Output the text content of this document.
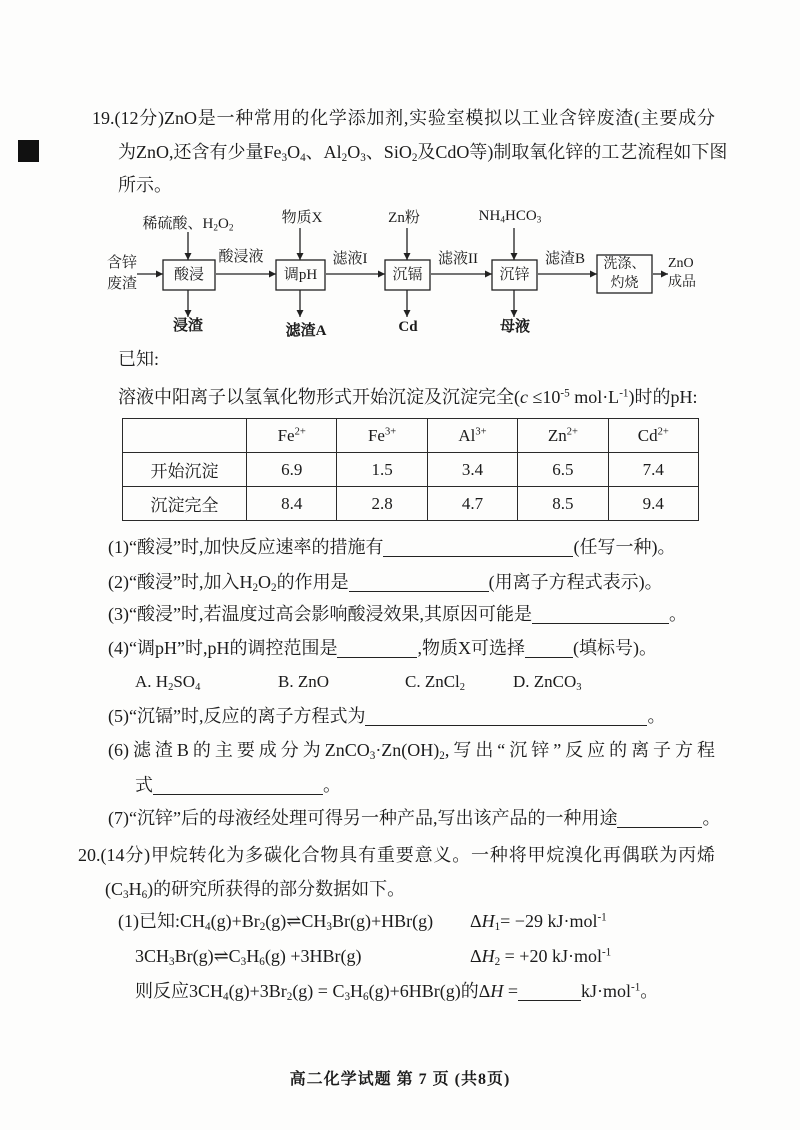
19.(12分)ZnO是一种常用的化学添加剂,实验室模拟以工业含锌废渣(主要成分
为ZnO,还含有少量$Fe_3O_4$、$Al_2O_3$、SiO$_2$及CdO等)制取氧化锌的工艺流程如下图
所示。
含锌
废渣
稀硫酸、$H_2O_2$
物质X	Zn粉	$NH_4HCO_3$
酸浸	调pH	沉镉	沉锌
洗涤、
灼烧
酸浸液	滤液I	滤液II	滤渣B
浸渣	滤渣A	Cd	母液
ZnO
成品
已知:
溶液中阳离子以氢氧化物形式开始沉淀及沉淀完全($c \le 10^{-5}$ $mol\cdot L^{-1}$)时的pH:
	$Fe^{2+}$	$Fe^{3+}$	$Al^{3+}$	$Zn^{2+}$	$Cd^{2+}$
开始沉淀	6.9	1.5	3.4	6.5	7.4
沉淀完全	8.4	2.8	4.7	8.5	9.4
(1)“酸浸”时,加快反应速率的措施有	(任写一种)。
(2)“酸浸”时,加入$H_2O_2$的作用是	(用离子方程式表示)。
(3)“酸浸”时,若温度过高会影响酸浸效果,其原因可能是	。
(4)“调pH”时,pH的调控范围是	,物质X可选择	(填标号)。
A. $H_2SO_4$	B. ZnO	C. ZnCl$_2$	D. ZnCO$_3$
(5)“沉镉”时,反应的离子方程式为	。
(6)滤渣B的主要成分为$ZnCO_3\cdot Zn(OH)_2$,写出“沉锌”反应的离子方程
式	。
(7)“沉锌”后的母液经处理可得另一种产品,写出该产品的一种用途	。
20.(14分)甲烷转化为多碳化合物具有重要意义。一种将甲烷溴化再偶联为丙烯
$(C_3H_6)$的研究所获得的部分数据如下。
(1)已知$:CH_4(g)+Br_2(g)\rightleftharpoons CH_3Br(g)+HBr(g)$ $\Delta H_1= -29$ kJ·mol$^{-1}$
$3CH_3Br(g)\rightleftharpoons C_3H_6(g) +3HBr(g)$	$\Delta H_2 = +20$ kJ·mol$^{-1}$
则反应$3CH_4(g)+3Br_2(g) = C_3H_6(g)+6HBr(g)$的ΔH =	kJ·mol$^{-1}$。
高二化学试题 第 7 页 (共8页)
